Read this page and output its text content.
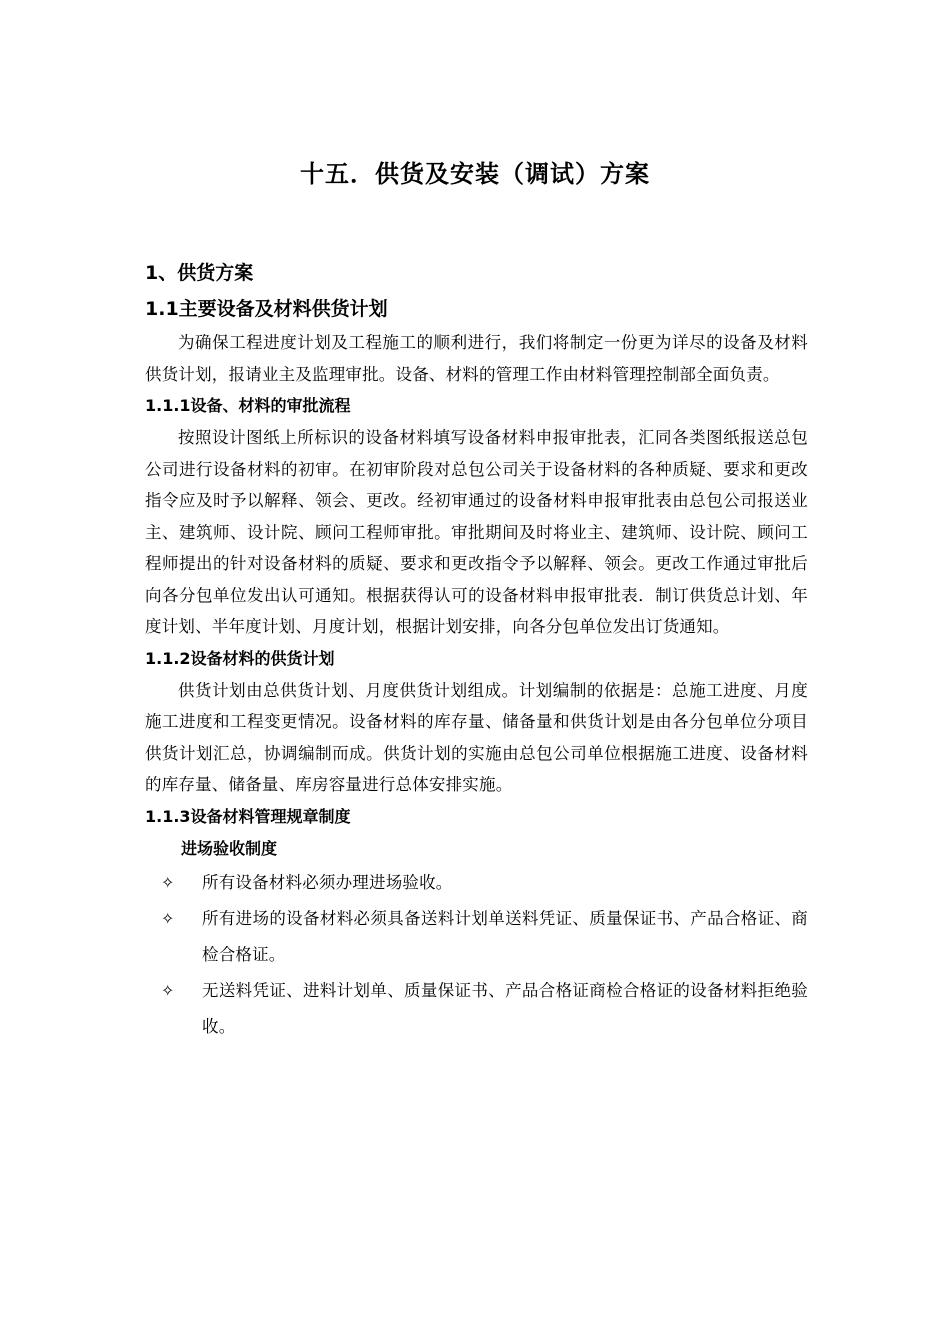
十五．供货及安装（调试）方案

1、供货方案

1.1主要设备及材料供货计划

为确保工程进度计划及工程施工的顺利进行，我们将制定一份更为详尽的设备及材料供货计划，报请业主及监理审批。设备、材料的管理工作由材料管理控制部全面负责。

1.1.1设备、材料的审批流程

按照设计图纸上所标识的设备材料填写设备材料申报审批表，汇同各类图纸报送总包公司进行设备材料的初审。在初审阶段对总包公司关于设备材料的各种质疑、要求和更改指令应及时予以解释、领会、更改。经初审通过的设备材料申报审批表由总包公司报送业主、建筑师、设计院、顾问工程师审批。审批期间及时将业主、建筑师、设计院、顾问工程师提出的针对设备材料的质疑、要求和更改指令予以解释、领会。更改工作通过审批后向各分包单位发出认可通知。根据获得认可的设备材料申报审批表．制订供货总计划、年度计划、半年度计划、月度计划，根据计划安排，向各分包单位发出订货通知。

1.1.2设备材料的供货计划

供货计划由总供货计划、月度供货计划组成。计划编制的依据是：总施工进度、月度施工进度和工程变更情况。设备材料的库存量、储备量和供货计划是由各分包单位分项目供货计划汇总，协调编制而成。供货计划的实施由总包公司单位根据施工进度、设备材料的库存量、储备量、库房容量进行总体安排实施。

1.1.3设备材料管理规章制度

进场验收制度

✧ 所有设备材料必须办理进场验收。
✧ 所有进场的设备材料必须具备送料计划单送料凭证、质量保证书、产品合格证、商检合格证。
✧ 无送料凭证、进料计划单、质量保证书、产品合格证商检合格证的设备材料拒绝验收。
